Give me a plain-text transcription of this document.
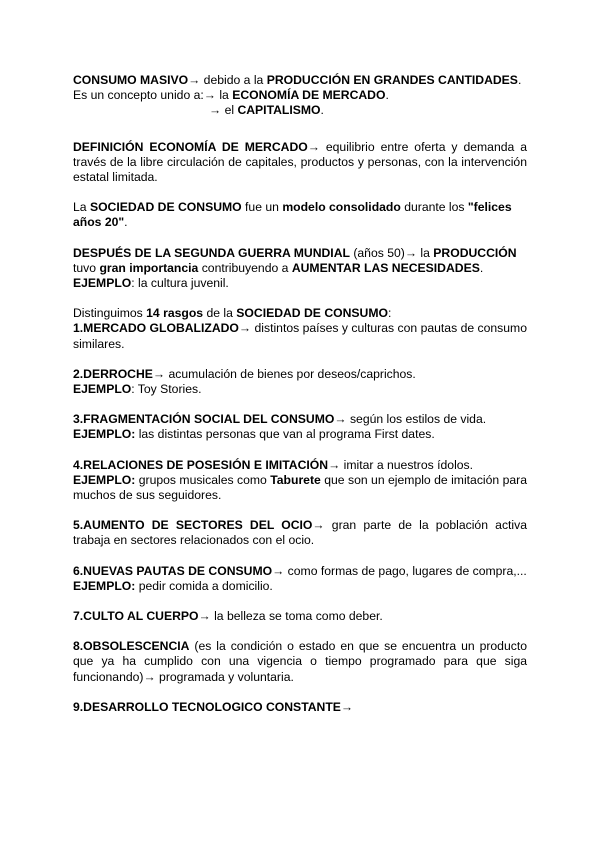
CONSUMO MASIVO→ debido a la PRODUCCIÓN EN GRANDES CANTIDADES.

Es un concepto unido a:→ la ECONOMÍA DE MERCADO.

→ el CAPITALISMO.

DEFINICIÓN ECONOMÍA DE MERCADO→ equilibrio entre oferta y demanda a través de la libre circulación de capitales, productos y personas, con la intervención estatal limitada.

La SOCIEDAD DE CONSUMO fue un modelo consolidado durante los "felices años 20".

DESPUÉS DE LA SEGUNDA GUERRA MUNDIAL (años 50)→ la PRODUCCIÓN tuvo gran importancia contribuyendo a AUMENTAR LAS NECESIDADES.

EJEMPLO: la cultura juvenil.

Distinguimos 14 rasgos de la SOCIEDAD DE CONSUMO:

1.MERCADO GLOBALIZADO→ distintos países y culturas con pautas de consumo similares.

2.DERROCHE→ acumulación de bienes por deseos/caprichos.

EJEMPLO: Toy Stories.

3.FRAGMENTACIÓN SOCIAL DEL CONSUMO→ según los estilos de vida.

EJEMPLO: las distintas personas que van al programa First dates.

4.RELACIONES DE POSESIÓN E IMITACIÓN→ imitar a nuestros ídolos.

EJEMPLO: grupos musicales como Taburete que son un ejemplo de imitación para muchos de sus seguidores.

5.AUMENTO DE SECTORES DEL OCIO→ gran parte de la población activa trabaja en sectores relacionados con el ocio.

6.NUEVAS PAUTAS DE CONSUMO→ como formas de pago, lugares de compra,...

EJEMPLO: pedir comida a domicilio.

7.CULTO AL CUERPO→ la belleza se toma como deber.

8.OBSOLESCENCIA (es la condición o estado en que se encuentra un producto que ya ha cumplido con una vigencia o tiempo programado para que siga funcionando)→ programada y voluntaria.

9.DESARROLLO TECNOLOGICO CONSTANTE→
